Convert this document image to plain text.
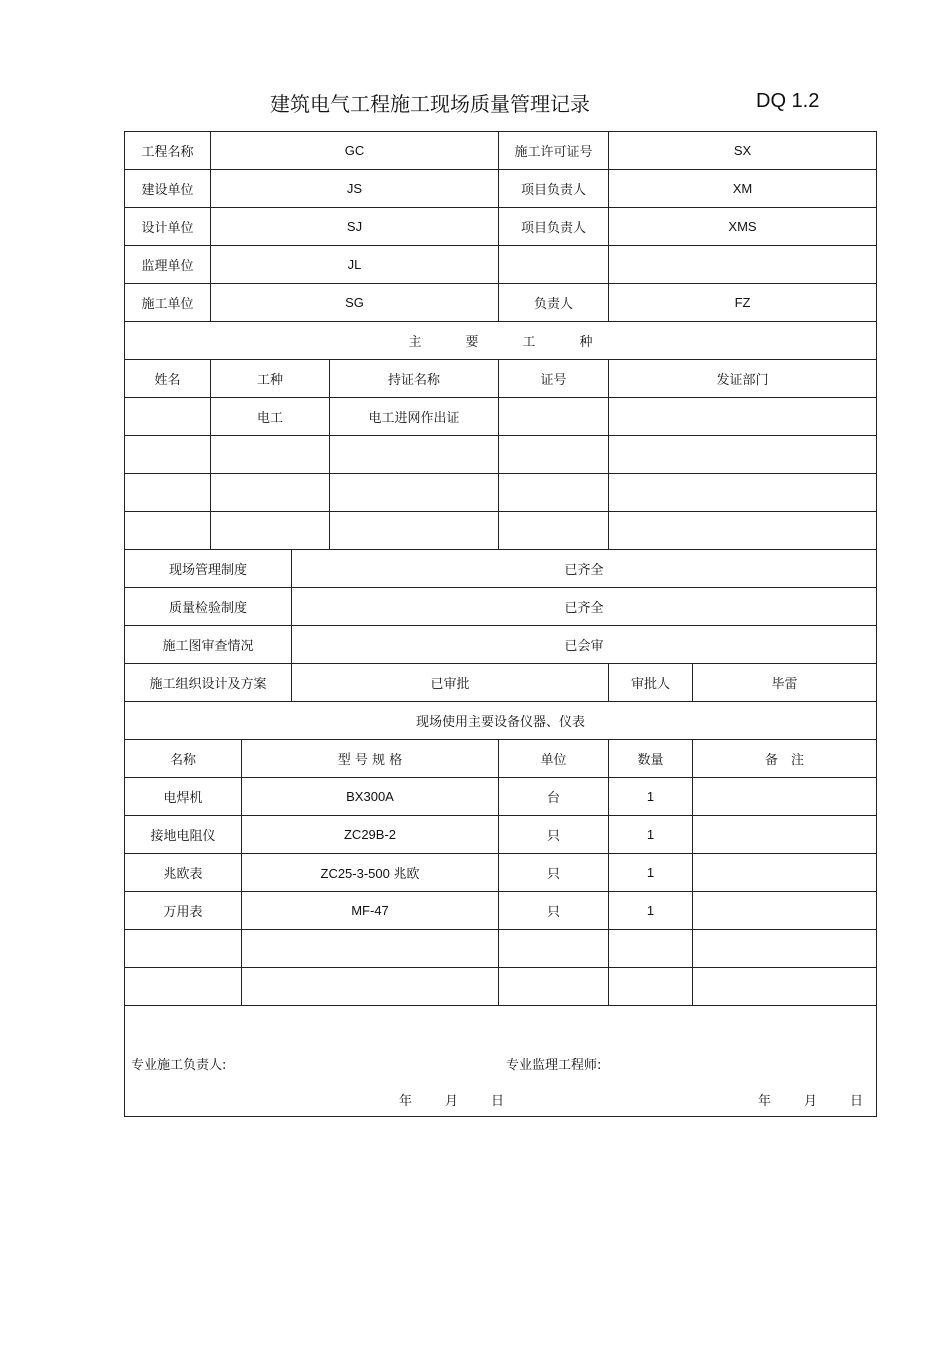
建筑电气工程施工现场质量管理记录	DQ 1.2
工程名称	GC				施工许可证号	SX	
建设单位	JS				项目负责人	XM	
设计单位	SJ				项目负责人	XMS	
监理单位	JL						
施工单位	SG				负责人	FZ	
主 要 工 种							
姓名	工种			持证名称	证号	发证部门	
	电工			电工进网作出证			

现场管理制度			已齐全				
质量检验制度			已齐全				
施工图审查情况			已会审				
施工组织设计及方案			已审批			审批人	毕雷
现场使用主要设备仪器、仪表							
名称		型 号 规 格			单位	数量	备　注
电焊机		BX300A			台	1	
接地电阻仪		ZC29B-2			只	1	
兆欧表		ZC25-3-500 兆欧			只	1	
万用表		MF-47			只	1	

专业施工负责人: 专业监理工程师:
年 月 日 年 月 日							
